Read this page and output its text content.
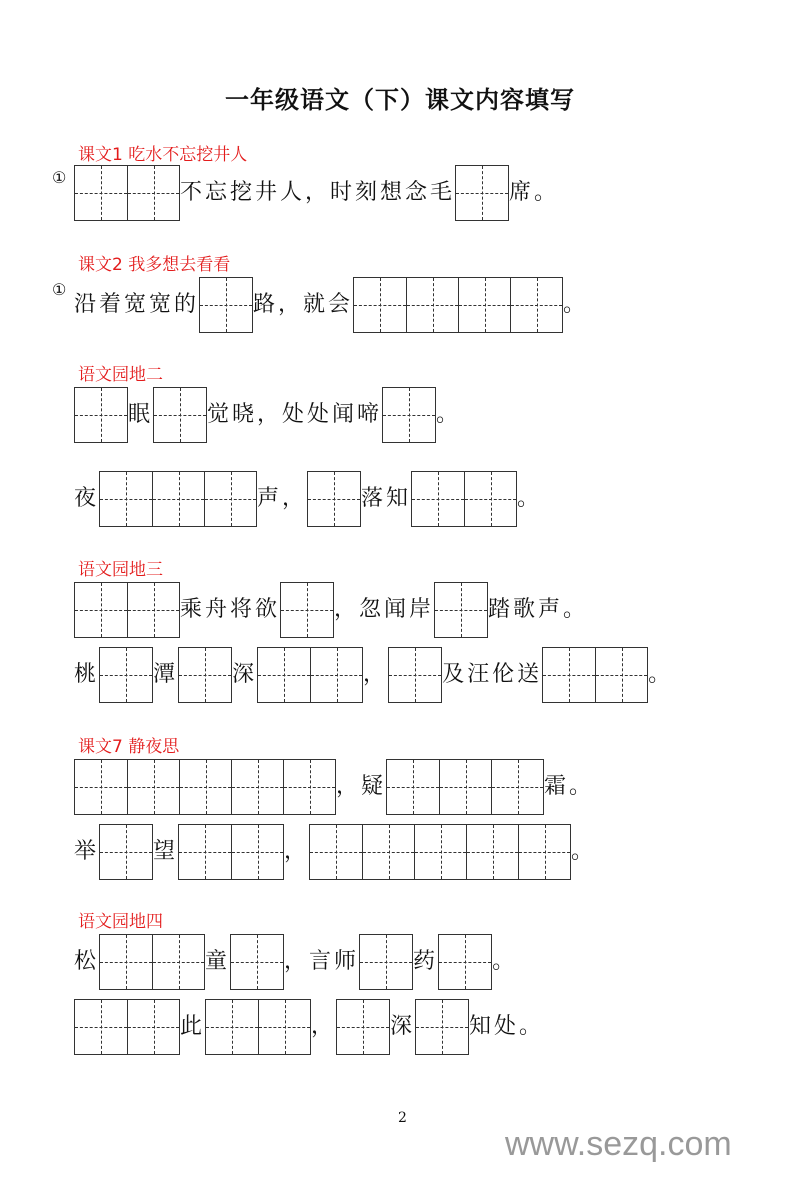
一年级语文（下）课文内容填写
课文1 吃水不忘挖井人
①
不忘挖井人，时刻想念毛 席。
课文2 我多想去看看
①
沿着宽宽的 路，就会	。
语文园地二
眠 觉晓，处处闻啼 。
夜	声， 落知	。
语文园地三
乘舟将欲 ，忽闻岸 踏歌声。
桃 潭 深	， 及汪伦送	。
课文7 静夜思
，疑	霜。
举 望	，	。
语文园地四
松	童 ，言师 药 。
此	， 深 知处。
2
www.sezq.com
